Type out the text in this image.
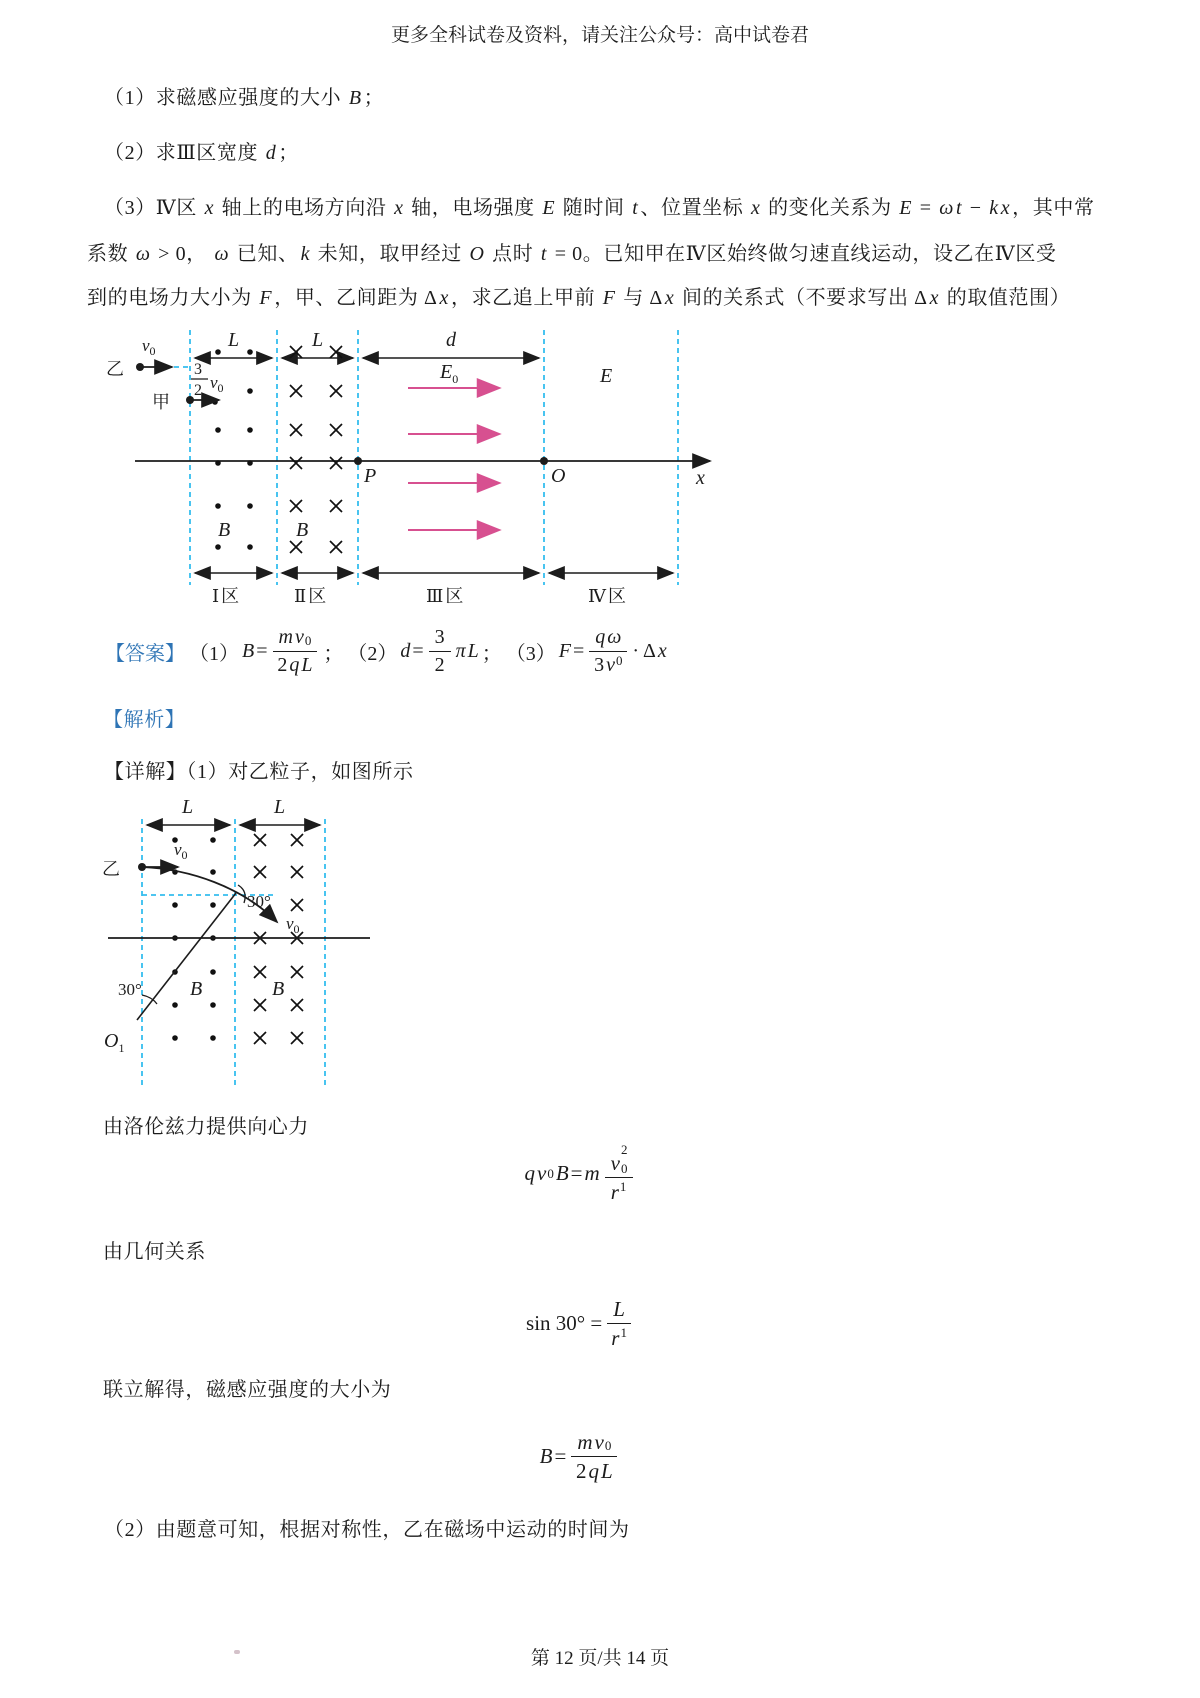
更多全科试卷及资料，请关注公众号：高中试卷君
（1）求磁感应强度的大小 B ；
（2）求Ⅲ区宽度 d ；
（3）Ⅳ区 x 轴上的电场方向沿 x 轴，电场强度 E 随时间 t 、位置坐标 x 的变化关系为 E = ω t − k x ，其中常
系数 ω > 0， ω 已知、 k 未知，取甲经过 O 点时 t = 0。已知甲在Ⅳ区始终做匀速直线运动，设乙在Ⅳ区受
到的电场力大小为 F ，甲、乙间距为 Δ x ，求乙追上甲前 F 与 Δ x 间的关系式（不要求写出 Δ x 的取值范围）
L	L	d
x
P	O
B	B
乙
$v_0$
3
2 $v_0$
甲
$E_0$	E
Ⅰ区	Ⅱ区	Ⅲ区	Ⅳ区
【答案】 （1） $B = \frac{\text{m v 0}}{\text{2 q L}}$ ； （2） $d = \frac{3}{2}$ π L ； （3） $F = \frac{\text{q ω}}{3 v 0} \cdot \Delta$ x
【解析】
【详解】（1）对乙粒子，如图所示
L	L
B	B
乙
$v_0$
$v_0$
30°
30°
$O_1$
由洛伦兹力提供向心力
q v 0 B = m v
2
0
r 1
由几何关系
$\sin 30^\circ = \frac{L}{r 1}$
联立解得，磁感应强度的大小为
$B = \frac{\text{m v 0}}{\text{2 q L}}$
（2）由题意可知，根据对称性，乙在磁场中运动的时间为
第 12 页/共 14 页
